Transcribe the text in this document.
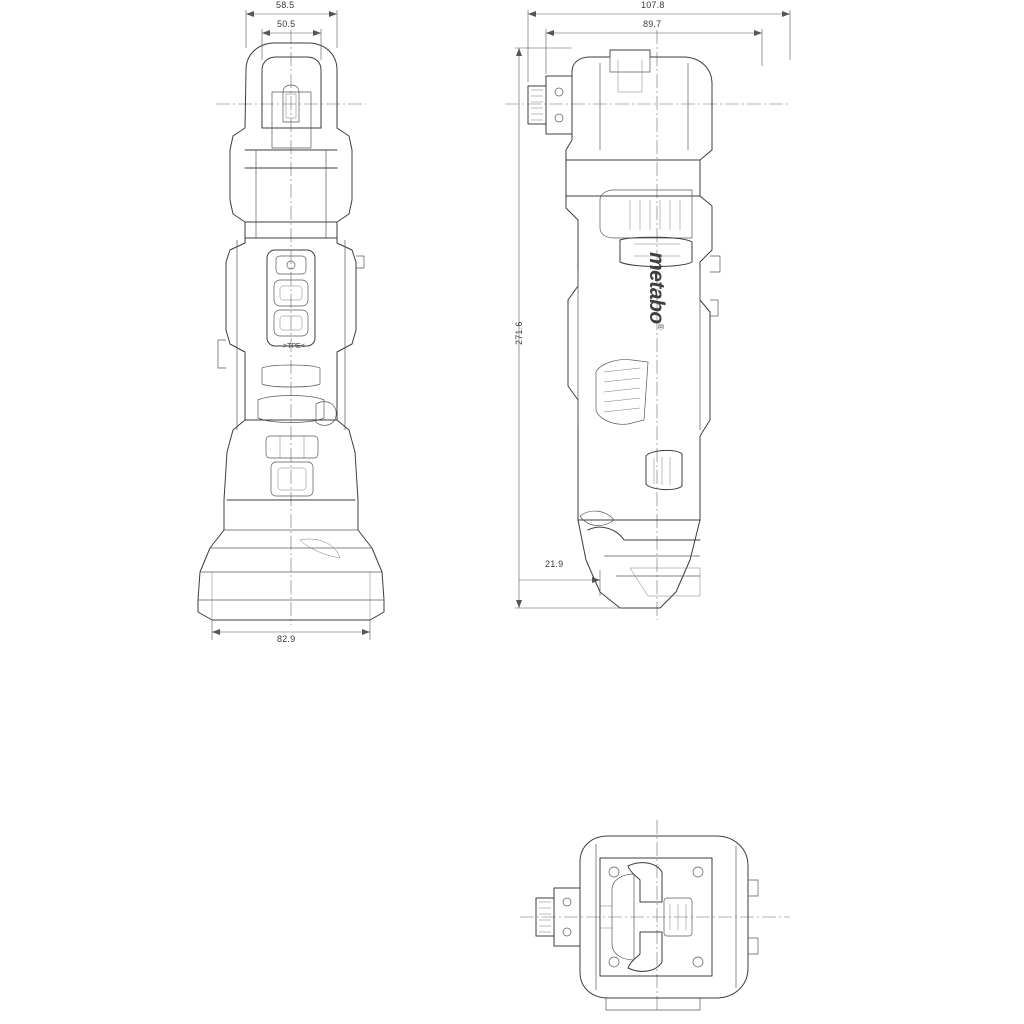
58.5
50.5
82.9
107.8
89.7
271.6
21.9
>TPE<
metabo®
